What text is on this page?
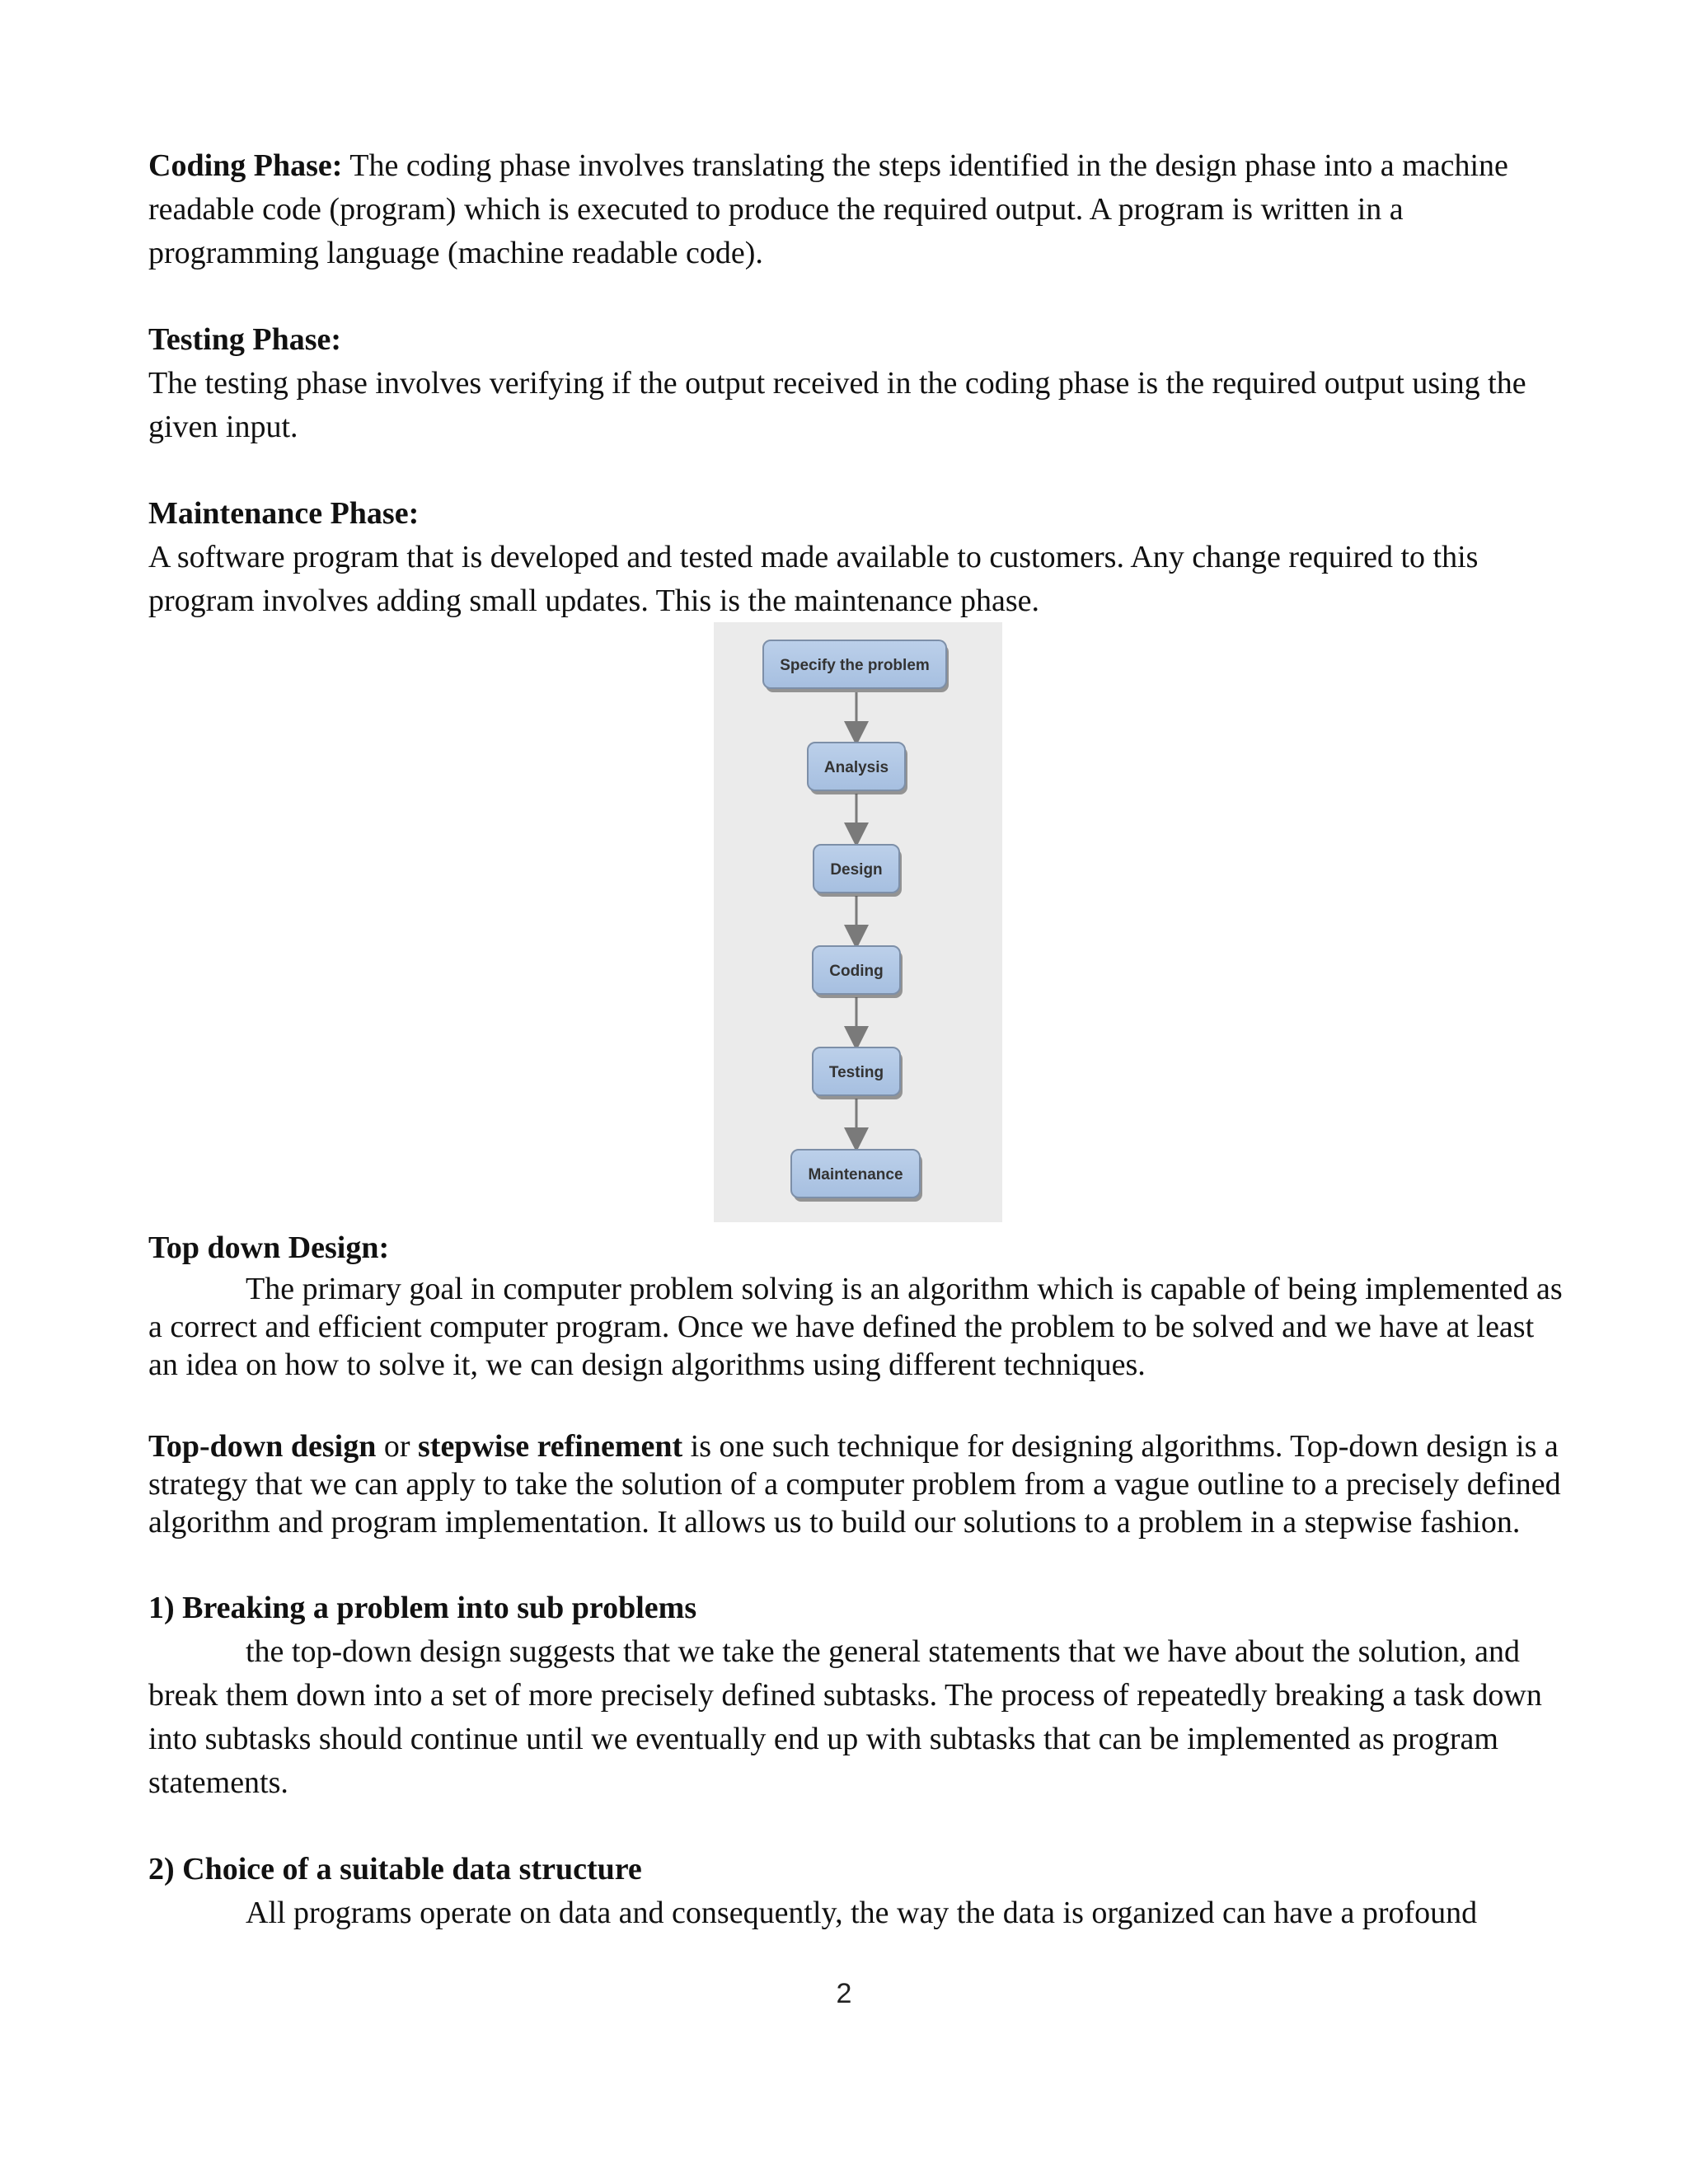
Coding Phase: The coding phase involves translating the steps identified in the design phase into a machine readable code (program) which is executed to produce the required output. A program is written in a programming language (machine readable code).
Testing Phase:
The testing phase involves verifying if the output received in the coding phase is the required output using the given input.
Maintenance Phase:
A software program that is developed and tested made available to customers. Any change required to this program involves adding small updates. This is the maintenance phase.
Specify the problem
Analysis
Design
Coding
Testing
Maintenance
Top down Design:
The primary goal in computer problem solving is an algorithm which is capable of being implemented as a correct and efficient computer program. Once we have defined the problem to be solved and we have at least an idea on how to solve it, we can design algorithms using different techniques.
Top-down design or stepwise refinement is one such technique for designing algorithms. Top-down design is a strategy that we can apply to take the solution of a computer problem from a vague outline to a precisely defined algorithm and program implementation. It allows us to build our solutions to a problem in a stepwise fashion.
1) Breaking a problem into sub problems
the top-down design suggests that we take the general statements that we have about the solution, and break them down into a set of more precisely defined subtasks. The process of repeatedly breaking a task down into subtasks should continue until we eventually end up with subtasks that can be implemented as program statements.
2) Choice of a suitable data structure
All programs operate on data and consequently, the way the data is organized can have a profound
2
